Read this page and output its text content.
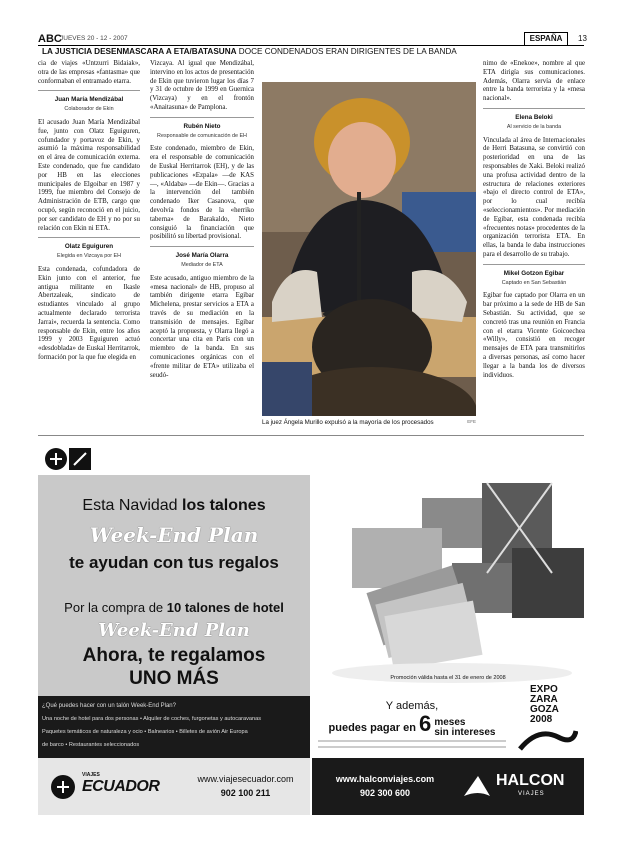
ABC
JUEVES 20 - 12 - 2007	ESPAÑA	13
LA JUSTICIA DESENMASCARA A ETA/BATASUNA DOCE CONDENADOS ERAN DIRIGENTES DE LA BANDA

cia de viajes «Untzurri Bidaiak», otra de las empresas «fantasma» que conformaban el entramado etarra.

Juan María Mendizábal
Colaborador de Ekin

El acusado Juan María Mendizábal fue, junto con Olatz Eguiguren, cofundador y portavoz de Ekin, y asumió la máxima responsabilidad en el área de comunicación externa. Este condenado, que fue candidato por HB en las elecciones municipales de Elgoibar en 1987 y 1999, fue miembro del Consejo de Administración de ETB, cargo que ocupó, según reconoció en el juicio, por ser candidato de EH y no por su relación con Ekin ni ETA.

Olatz Eguiguren
Elegida en Vizcaya por EH

Esta condenada, cofundadora de Ekin junto con el anterior, fue antigua militante en Ikasle Abertzaleak, sindicato de estudiantes vinculado al grupo actualmente declarado terrorista Jarrai», recuerda la sentencia. Como responsable de Ekin, entre los años 1999 y 2003 Eguiguren actuó «desdoblada» de Euskal Herritarrok, formación por la que fue elegida en

Vizcaya. Al igual que Mendizábal, intervino en los actos de presentación de Ekin que tuvieron lugar los días 7 y 31 de octubre de 1999 en Guernica (Vizcaya) y en el frontón «Anaitasuna» de Pamplona.

Rubén Nieto
Responsable de comunicación de EH

Este condenado, miembro de Ekin, era el responsable de comunicación de Euskal Herritarrok (EH), y de las publicaciones «Ezpala» —de KAS—, «Aldaba» —de Ekin—. Gracias a la intervención del también condenado Iker Casanova, que devolvía fondos de la «herriko taberna» de Barakaldo, Nieto consiguió la financiación que posibilitó su libertad provisional.

José María Olarra
Mediador de ETA

Este acusado, antiguo miembro de la «mesa nacional» de HB, propuso al también dirigente etarra Egibar Michelena, prestar servicios a ETA a través de su mediación en la transmisión de mensajes. Egibar aceptó la propuesta, y Olarra llegó a concertar una cita en París con un miembro de la banda. En sus comunicaciones orgánicas con el «frente militar de ETA» utilizaba el seudó-

La juez Ángela Murillo expulsó a la mayoría de los procesados	EFE

nimo de «Enekoe», nombre al que ETA dirigía sus comunicaciones. Además, Olarra servía de enlace entre la banda terrorista y la «mesa nacional».

Elena Beloki
Al servicio de la banda

Vinculada al área de Internacionales de Herri Batasuna, se convirtió con posterioridad en una de las responsables de Xaki. Beloki realizó una profusa actividad dentro de la estructura de relaciones exteriores «bajo el directo control de ETA», por lo cual recibía «seleccionamientos». Por mediación de Egibar, esta condenada recibía «frecuentes notas» procedentes de la organización terrorista ETA. En ellas, la banda le daba instrucciones para el desarrollo de su trabajo.

Mikel Gotzon Egibar
Captado en San Sebastián

Egibar fue captado por Olarra en un bar próximo a la sede de HB de San Sebastián. Su actividad, que se concretó tras una reunión en Francia con el etarra Vicente Goicoechea «Willy», consistió en recoger mensajes de ETA para transmitirlos a diversas personas, así como hacer llegar a la banda los de diversos individuos.

Esta Navidad los talones
Week-End Plan
te ayudan con tus regalos
Por la compra de 10 talones de hotel
Week-End Plan
Ahora, te regalamos
UNO MÁS
¿Qué puedes hacer con un talón Week-End Plan?
Una noche de hotel para dos personas • Alquiler de coches, furgonetas y autocaravanas
Paquetes temáticos de naturaleza y ocio • Balnearios • Billetes de avión Air Europa
de barco • Restaurantes seleccionados
Promoción válida hasta el 31 de enero de 2008
Y además,
puedes pagar en 6 meses
sin intereses
EXPO
ZARA
GOZA
2008
VIAJES
ECUADOR	www.viajesecuador.com
902 100 211
www.halconviajes.com
902 300 600
HALCON
VIAJES
